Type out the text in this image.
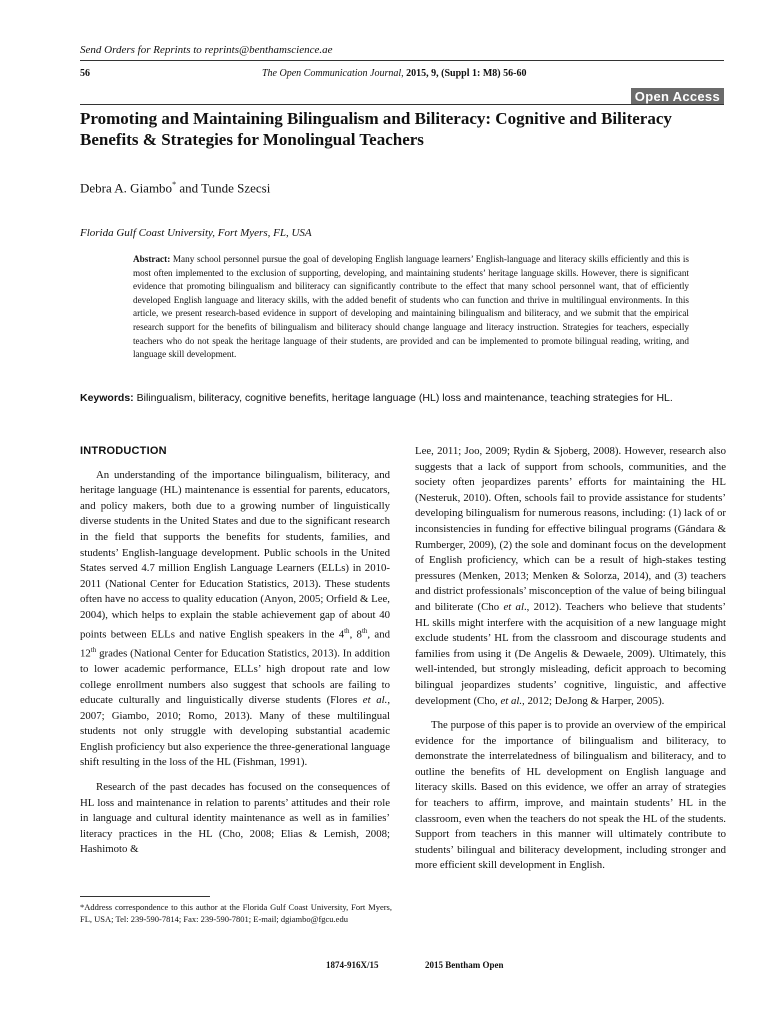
Send Orders for Reprints to reprints@benthamscience.ae
56	The Open Communication Journal, 2015, 9, (Suppl 1: M8) 56-60
Open Access
Promoting and Maintaining Bilingualism and Biliteracy: Cognitive and Biliteracy Benefits & Strategies for Monolingual Teachers
Debra A. Giambo* and Tunde Szecsi
Florida Gulf Coast University, Fort Myers, FL, USA
Abstract: Many school personnel pursue the goal of developing English language learners’ English-language and literacy skills efficiently and this is most often implemented to the exclusion of supporting, developing, and maintaining students’ heritage language skills. However, there is significant evidence that promoting bilingualism and biliteracy can significantly contribute to the effect that many school personnel want, that of efficiently developed English language and literacy skills, with the added benefit of students who can function and thrive in multilingual environments. In this article, we present research-based evidence in support of developing and maintaining bilingualism and biliteracy, and we submit that the empirical research support for the benefits of bilingualism and biliteracy should change language and literacy instruction. Strategies for teachers, especially teachers who do not speak the heritage language of their students, are provided and can be implemented to promote bilingual reading, writing, and language skill development.
Keywords: Bilingualism, biliteracy, cognitive benefits, heritage language (HL) loss and maintenance, teaching strategies for HL.
INTRODUCTION

An understanding of the importance bilingualism, biliteracy, and heritage language (HL) maintenance is essential for parents, educators, and policy makers, both due to a growing number of linguistically diverse students in the United States and due to the significant research in the field that supports the benefits for students, families, and students’ English-language development. Public schools in the United States served 4.7 million English Language Learners (ELLs) in 2010-2011 (National Center for Education Statistics, 2013). These students often have no access to quality education (Anyon, 2005; Orfield & Lee, 2004), which helps to explain the stable achievement gap of about 40 points between ELLs and native English speakers in the 4th, 8th, and 12th grades (National Center for Education Statistics, 2013). In addition to lower academic performance, ELLs’ high dropout rate and low college enrollment numbers also suggest that schools are failing to educate culturally and linguistically diverse students (Flores et al., 2007; Giambo, 2010; Romo, 2013). Many of these multilingual students not only struggle with developing substantial academic English proficiency but also experience the three-generational language shift resulting in the loss of the HL (Fishman, 1991).

Research of the past decades has focused on the consequences of HL loss and maintenance in relation to parents’ attitudes and their role in language and cultural identity maintenance as well as in families’ literacy practices in the HL (Cho, 2008; Elias & Lemish, 2008; Hashimoto &

Lee, 2011; Joo, 2009; Rydin & Sjoberg, 2008). However, research also suggests that a lack of support from schools, communities, and the society often jeopardizes parents’ efforts for maintaining the HL (Nesteruk, 2010). Often, schools fail to provide assistance for students’ developing bilingualism for numerous reasons, including: (1) lack of or inconsistencies in funding for effective bilingual programs (Gándara & Rumberger, 2009), (2) the sole and dominant focus on the development of English proficiency, which can be a result of high-stakes testing pressures (Menken, 2013; Menken & Solorza, 2014), and (3) teachers and district professionals’ misconception of the value of being bilingual and biliterate (Cho et al., 2012). Teachers who believe that students’ HL skills might interfere with the acquisition of a new language might exclude students’ HL from the classroom and discourage students and families from using it (De Angelis & Dewaele, 2009). Ultimately, this well-intended, but strongly misleading, deficit approach to becoming bilingual jeopardizes students’ cognitive, linguistic, and affective development (Cho, et al., 2012; DeJong & Harper, 2005).

The purpose of this paper is to provide an overview of the empirical evidence for the importance of bilingualism and biliteracy, to demonstrate the interrelatedness of bilingualism and biliteracy, and to outline the benefits of HL development on English language and literacy skills. Based on this evidence, we offer an array of strategies for teachers to affirm, improve, and maintain students’ HL in the classroom, even when the teachers do not speak the HL of the students. Support from teachers in this manner will ultimately contribute to students’ bilingual and biliteracy development, including stronger and more efficient skill development in English.

*Address correspondence to this author at the Florida Gulf Coast University, Fort Myers, FL, USA; Tel: 239-590-7814; Fax: 239-590-7801; E-mail; dgiambo@fgcu.edu
1874-916X/15	2015 Bentham Open
